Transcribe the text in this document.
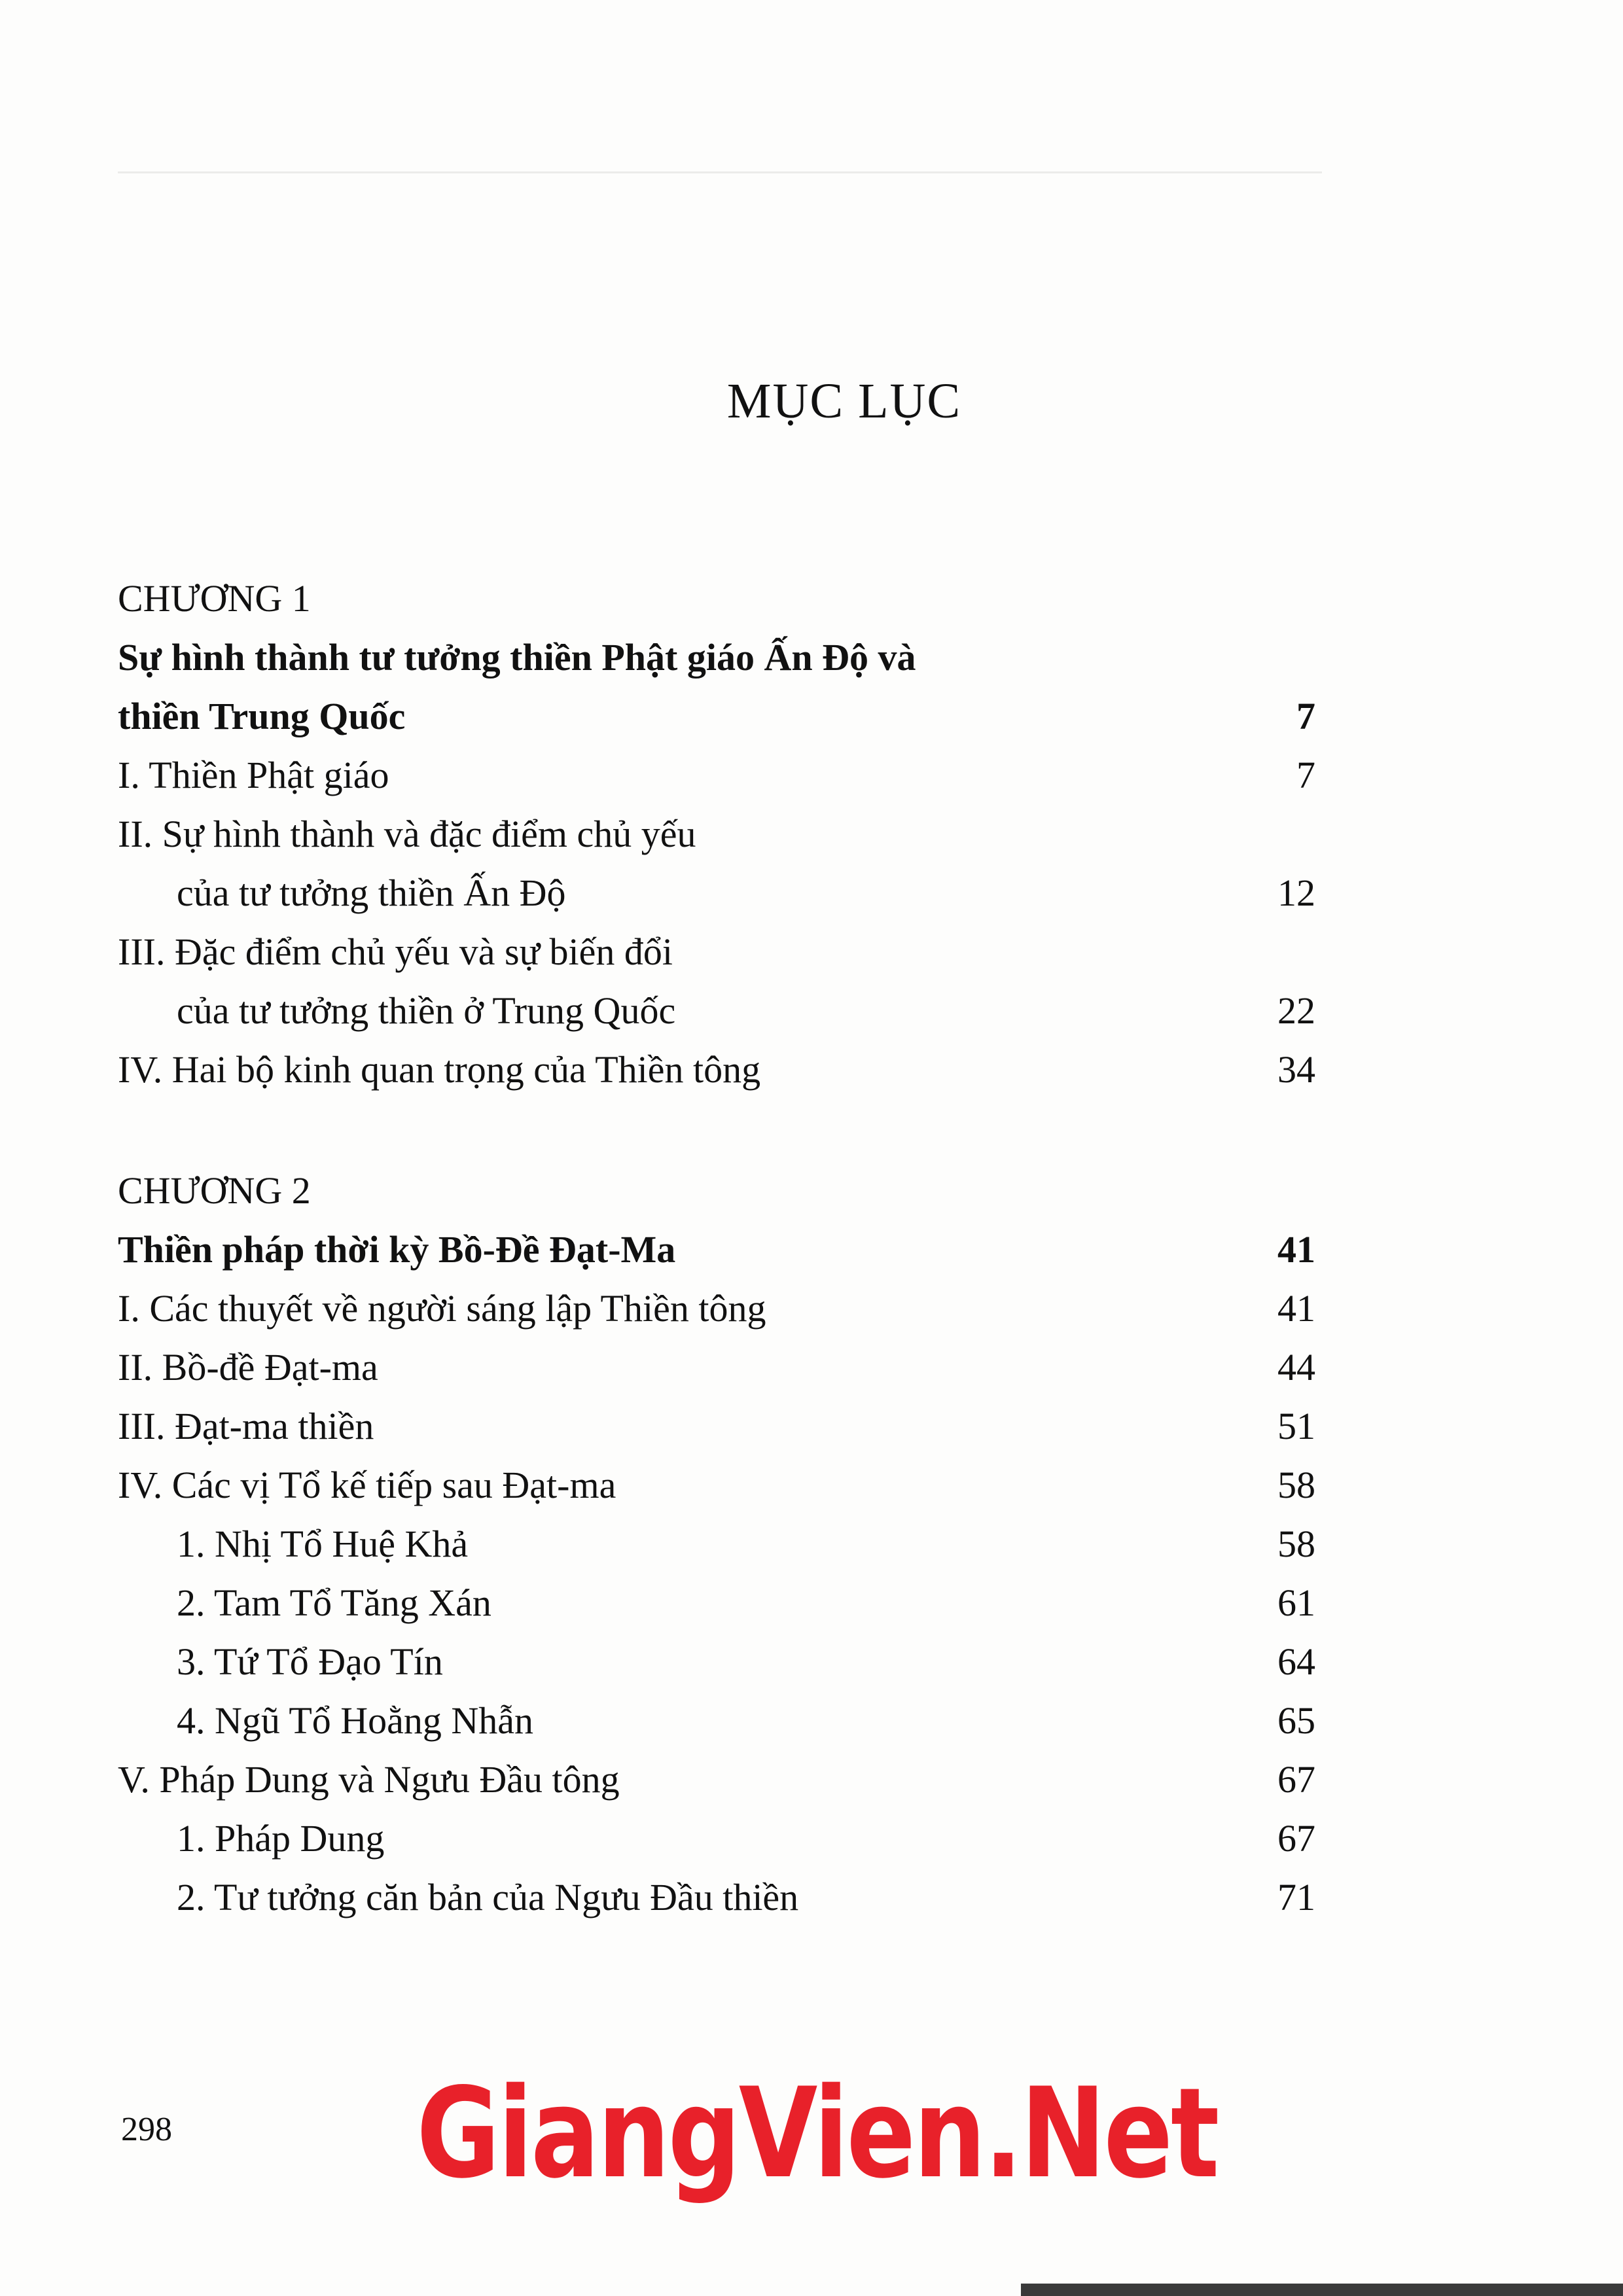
MỤC LỤC
CHƯƠNG 1
Sự hình thành tư tưởng thiền Phật giáo Ấn Độ và
thiền Trung Quốc	7
I. Thiền Phật giáo	7
II. Sự hình thành và đặc điểm chủ yếu
của tư tưởng thiền Ấn Độ	12
III. Đặc điểm chủ yếu và sự biến đổi
của tư tưởng thiền ở Trung Quốc	22
IV. Hai bộ kinh quan trọng của Thiền tông	34
CHƯƠNG 2
Thiền pháp thời kỳ Bồ-Đề Đạt-Ma	41
I. Các thuyết về người sáng lập Thiền tông	41
II. Bồ-đề Đạt-ma	44
III. Đạt-ma thiền	51
IV. Các vị Tổ kế tiếp sau Đạt-ma	58
1. Nhị Tổ Huệ Khả	58
2. Tam Tổ Tăng Xán	61
3. Tứ Tổ Đạo Tín	64
4. Ngũ Tổ Hoằng Nhẫn	65
V. Pháp Dung và Ngưu Đầu tông	67
1. Pháp Dung	67
2. Tư tưởng căn bản của Ngưu Đầu thiền	71
298	GiangVien.Net
